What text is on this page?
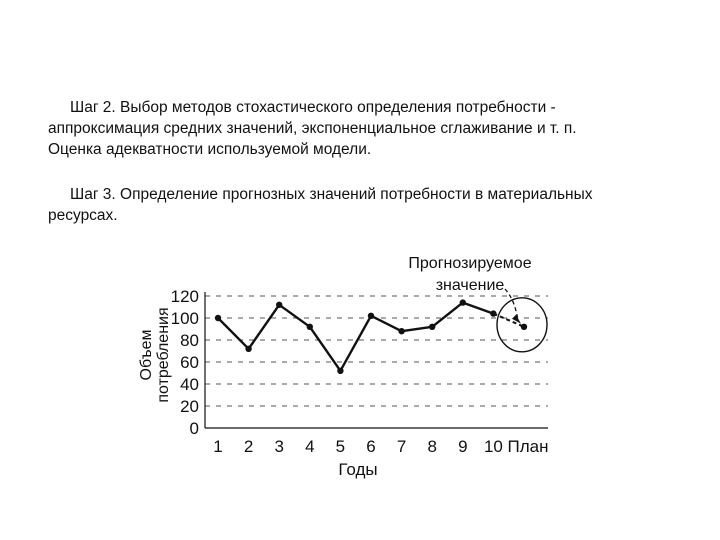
Шаг 2. Выбор методов стохастического определения потребности -
аппроксимация средних значений, экспоненциальное сглаживание и т. п.
Оценка адекватности используемой модели.

Шаг 3. Определение прогнозных значений потребности в материальных
ресурсах.

0
20
40
60
80
100
120
Объем потребления
1 2 3 4 5 6 7 8 9 10 План
Годы
Прогнозируемое
значение
